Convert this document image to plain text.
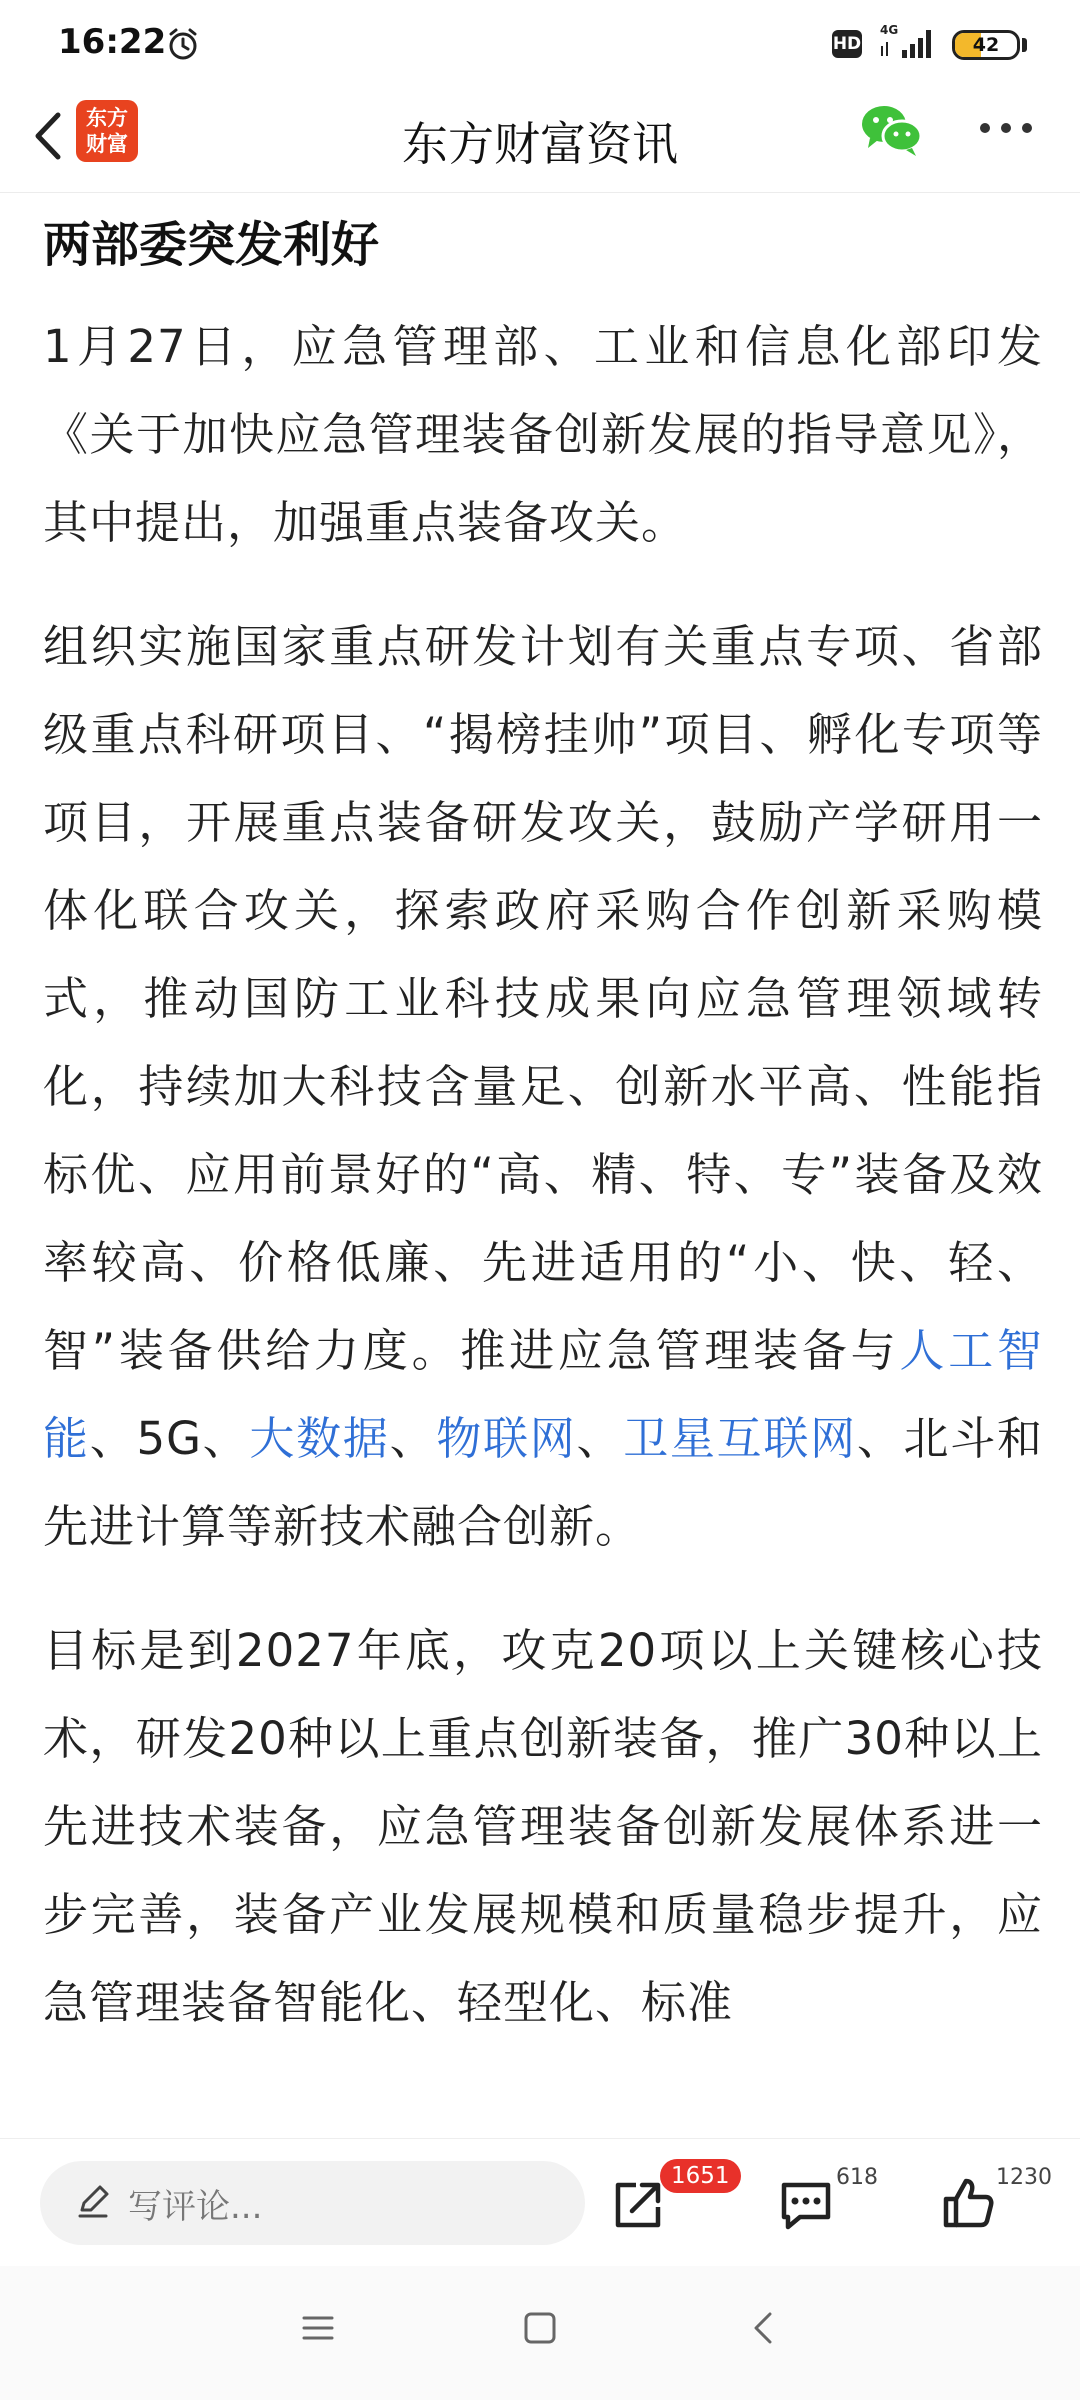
16:22	HD
4G
42
东方
财富	东方财富资讯
两部委突发利好

1月27日，应急管理部、工业和信息化部印发《关于加快应急管理装备创新发展的指导意见》，其中提出，加强重点装备攻关。

组织实施国家重点研发计划有关重点专项、省部级重点科研项目、“揭榜挂帅”项目、孵化专项等项目，开展重点装备研发攻关，鼓励产学研用一体化联合攻关，探索政府采购合作创新采购模式，推动国防工业科技成果向应急管理领域转化，持续加大科技含量足、创新水平高、性能指标优、应用前景好的“高、精、特、专”装备及效率较高、价格低廉、先进适用的“小、快、轻、智”装备供给力度。推进应急管理装备与人工智能、5G、大数据、物联网、卫星互联网、北斗和先进计算等新技术融合创新。

目标是到2027年底，攻克20项以上关键核心技术，研发20种以上重点创新装备，推广30种以上先进技术装备，应急管理装备创新发展体系进一步完善，装备产业发展规模和质量稳步提升，应急管理装备智能化、轻型化、标准

写评论...
1651	618	1230
